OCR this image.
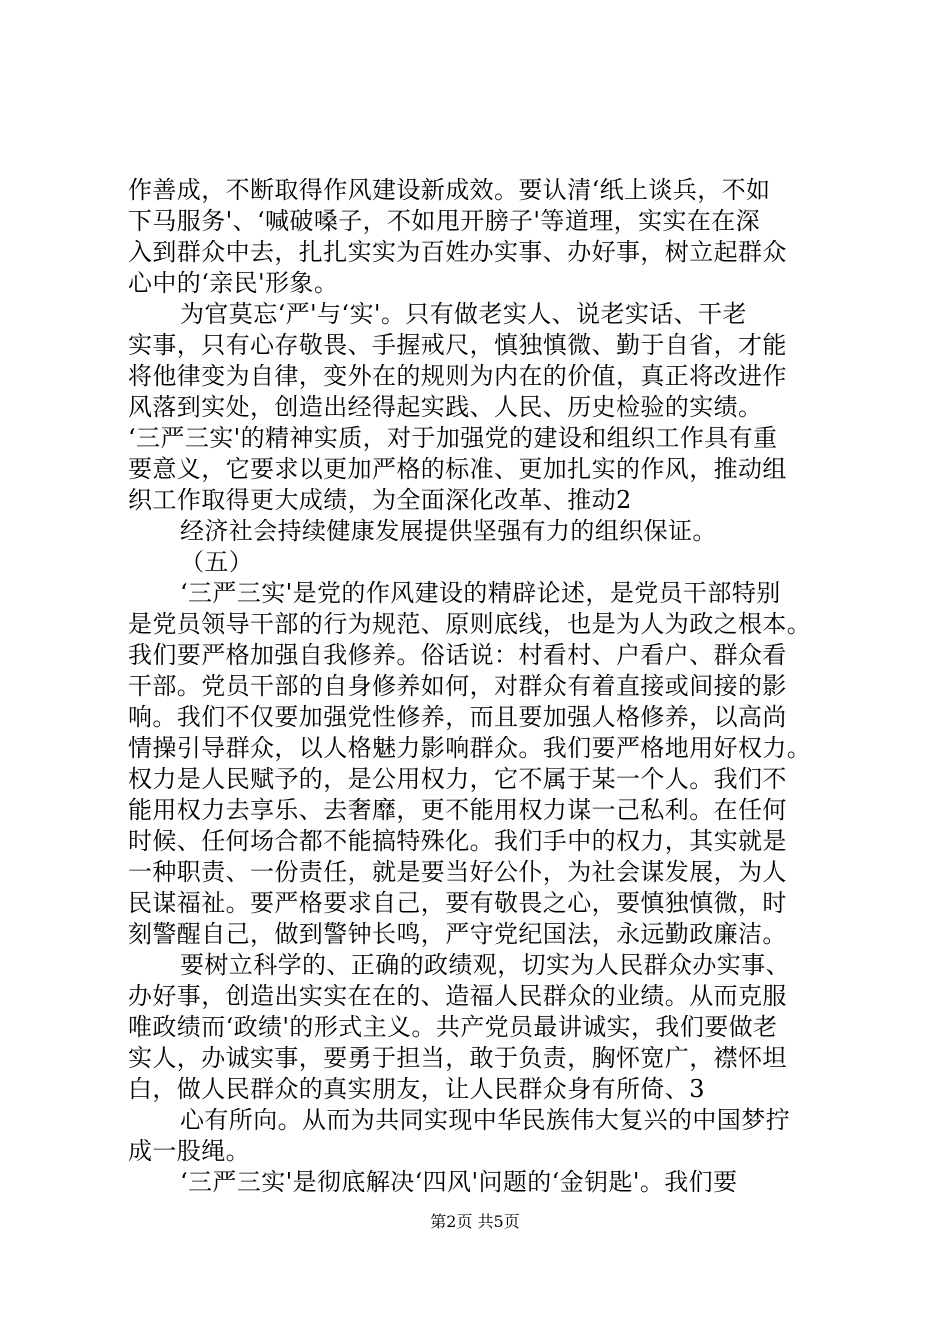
作善成，不断取得作风建设新成效。要认清‘纸上谈兵，不如
下马服务'、‘喊破嗓子，不如甩开膀子'等道理，实实在在深
入到群众中去，扎扎实实为百姓办实事、办好事，树立起群众
心中的‘亲民'形象。
为官莫忘‘严'与‘实'。只有做老实人、说老实话、干老
实事，只有心存敬畏、手握戒尺，慎独慎微、勤于自省，才能
将他律变为自律，变外在的规则为内在的价值，真正将改进作
风落到实处，创造出经得起实践、人民、历史检验的实绩。
‘三严三实'的精神实质，对于加强党的建设和组织工作具有重
要意义，它要求以更加严格的标准、更加扎实的作风，推动组
织工作取得更大成绩，为全面深化改革、推动2
经济社会持续健康发展提供坚强有力的组织保证。
（五）
‘三严三实'是党的作风建设的精辟论述，是党员干部特别
是党员领导干部的行为规范、原则底线，也是为人为政之根本。
我们要严格加强自我修养。俗话说：村看村、户看户、群众看
干部。党员干部的自身修养如何，对群众有着直接或间接的影
响。我们不仅要加强党性修养，而且要加强人格修养，以高尚
情操引导群众，以人格魅力影响群众。我们要严格地用好权力。
权力是人民赋予的，是公用权力，它不属于某一个人。我们不
能用权力去享乐、去奢靡，更不能用权力谋一己私利。在任何
时候、任何场合都不能搞特殊化。我们手中的权力，其实就是
一种职责、一份责任，就是要当好公仆，为社会谋发展，为人
民谋福祉。要严格要求自己，要有敬畏之心，要慎独慎微，时
刻警醒自己，做到警钟长鸣，严守党纪国法，永远勤政廉洁。
要树立科学的、正确的政绩观，切实为人民群众办实事、
办好事，创造出实实在在的、造福人民群众的业绩。从而克服
唯政绩而‘政绩'的形式主义。共产党员最讲诚实，我们要做老
实人，办诚实事，要勇于担当，敢于负责，胸怀宽广，襟怀坦
白，做人民群众的真实朋友，让人民群众身有所倚、3
心有所向。从而为共同实现中华民族伟大复兴的中国梦拧
成一股绳。
‘三严三实'是彻底解决‘四风'问题的‘金钥匙'。我们要
第2页 共5页
